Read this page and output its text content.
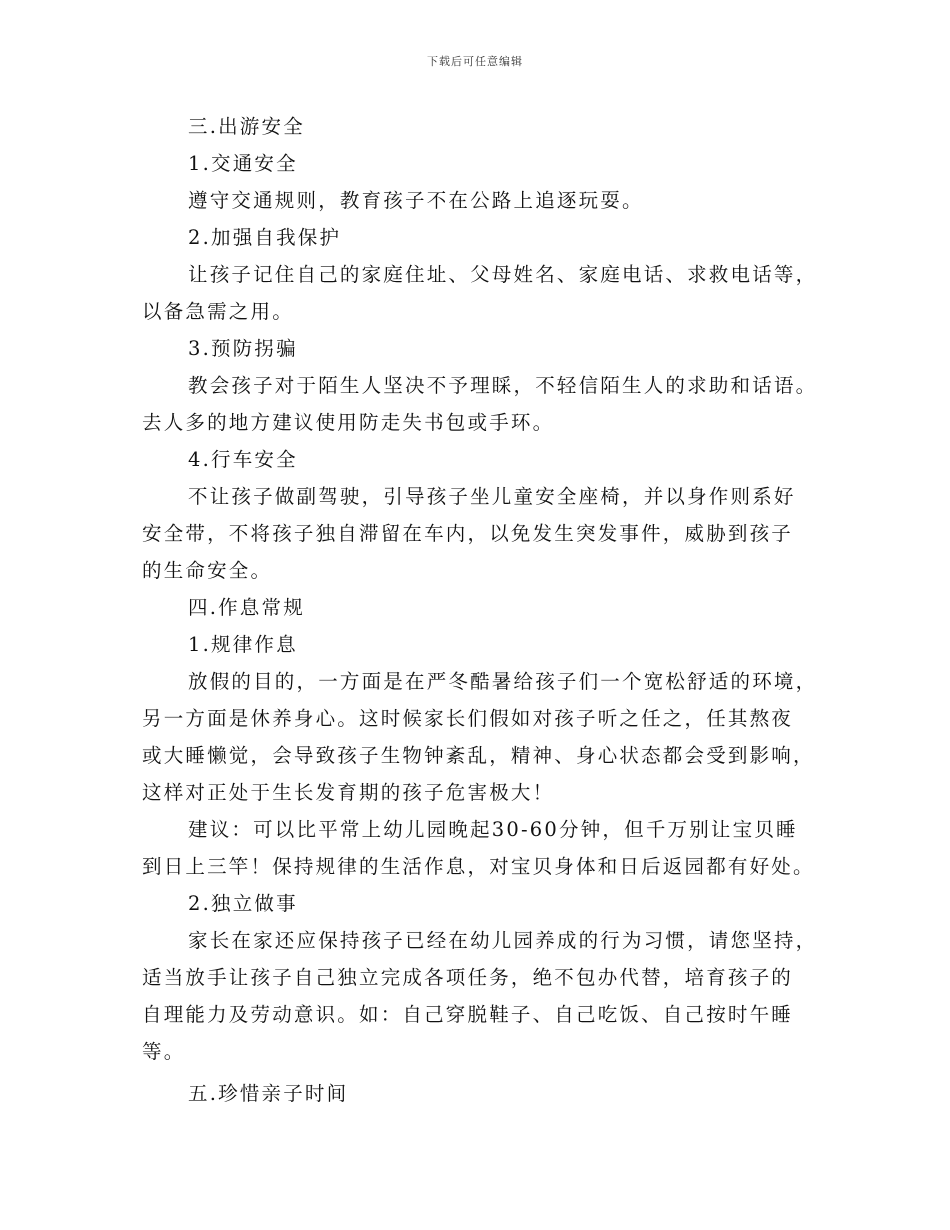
下载后可任意编辑
三.出游安全
1.交通安全
遵守交通规则，教育孩子不在公路上追逐玩耍。
2.加强自我保护
让孩子记住自己的家庭住址、父母姓名、家庭电话、求救电话等，
以备急需之用。
3.预防拐骗
教会孩子对于陌生人坚决不予理睬，不轻信陌生人的求助和话语。
去人多的地方建议使用防走失书包或手环。
4.行车安全
不让孩子做副驾驶，引导孩子坐儿童安全座椅，并以身作则系好
安全带，不将孩子独自滞留在车内，以免发生突发事件，威胁到孩子
的生命安全。
四.作息常规
1.规律作息
放假的目的，一方面是在严冬酷暑给孩子们一个宽松舒适的环境，
另一方面是休养身心。这时候家长们假如对孩子听之任之，任其熬夜
或大睡懒觉，会导致孩子生物钟紊乱，精神、身心状态都会受到影响，
这样对正处于生长发育期的孩子危害极大！
建议：可以比平常上幼儿园晚起30-60分钟，但千万别让宝贝睡
到日上三竿！保持规律的生活作息，对宝贝身体和日后返园都有好处。
2.独立做事
家长在家还应保持孩子已经在幼儿园养成的行为习惯，请您坚持，
适当放手让孩子自己独立完成各项任务，绝不包办代替，培育孩子的
自理能力及劳动意识。如：自己穿脱鞋子、自己吃饭、自己按时午睡
等。
五.珍惜亲子时间
